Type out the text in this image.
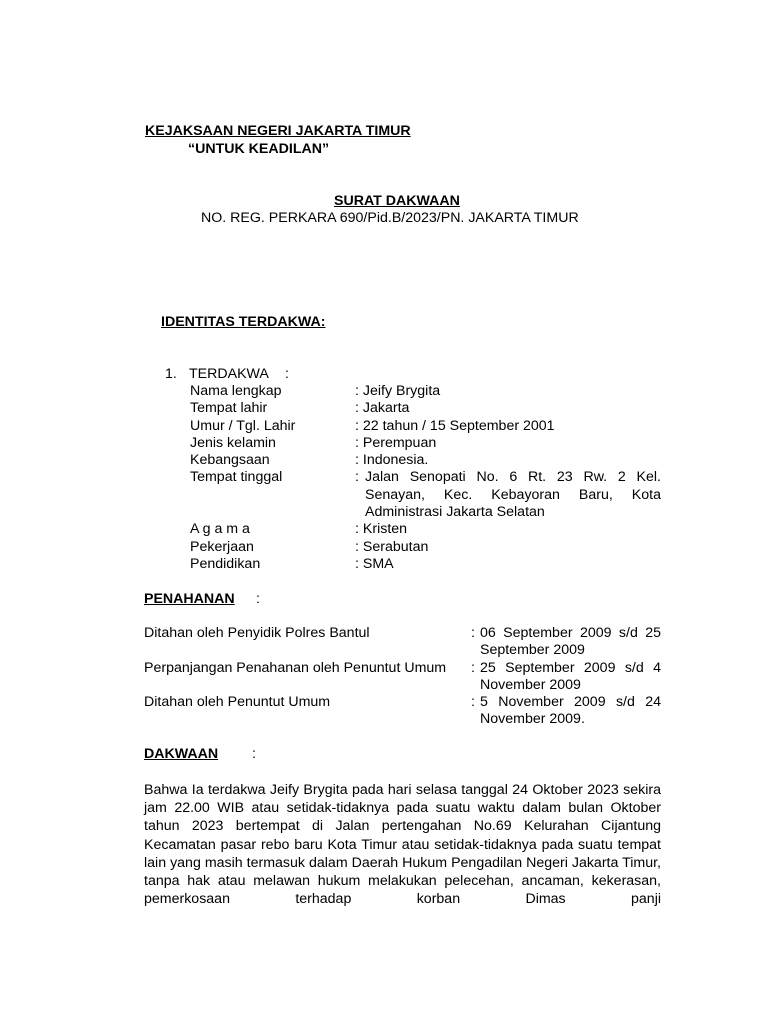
KEJAKSAAN NEGERI JAKARTA TIMUR
“UNTUK KEADILAN”
SURAT DAKWAAN
NO. REG. PERKARA 690/Pid.B/2023/PN. JAKARTA TIMUR
IDENTITAS TERDAKWA:
1. TERDAKWA :
Nama lengkap	: Jeify Brygita
Tempat lahir	: Jakarta
Umur / Tgl. Lahir	: 22 tahun / 15 September 2001
Jenis kelamin	: Perempuan
Kebangsaan	: Indonesia.
Tempat tinggal	: Jalan Senopati No. 6 Rt. 23 Rw. 2 Kel. Senayan, Kec. Kebayoran Baru, Kota Administrasi Jakarta Selatan
A g a m a	: Kristen
Pekerjaan	: Serabutan
Pendidikan	: SMA
PENAHANAN :
Ditahan oleh Penyidik Polres Bantul	: 06 September 2009 s/d 25 September 2009
Perpanjangan Penahanan oleh Penuntut Umum	: 25 September 2009 s/d 4 November 2009
Ditahan oleh Penuntut Umum	: 5 November 2009 s/d 24 November 2009.
DAKWAAN :
Bahwa Ia terdakwa Jeify Brygita pada hari selasa tanggal 24 Oktober 2023 sekira jam 22.00 WIB atau setidak-tidaknya pada suatu waktu dalam bulan Oktober tahun 2023 bertempat di Jalan pertengahan No.69 Kelurahan Cijantung Kecamatan pasar rebo baru Kota Timur atau setidak-tidaknya pada suatu tempat lain yang masih termasuk dalam Daerah Hukum Pengadilan Negeri Jakarta Timur, tanpa hak atau melawan hukum melakukan pelecehan, ancaman, kekerasan, pemerkosaan terhadap korban Dimas panji
